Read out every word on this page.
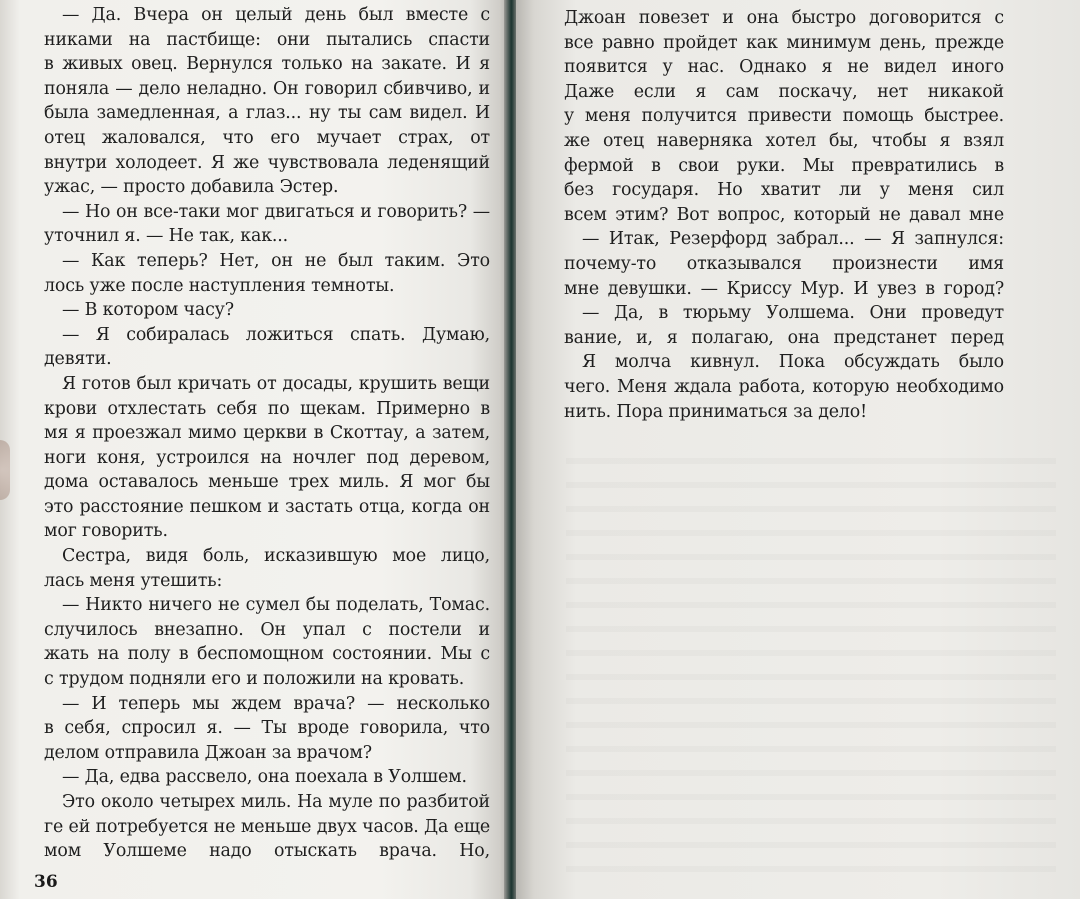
— Да. Вчера он целый день был вместе с
никами на пастбище: они пытались спасти
в живых овец. Вернулся только на закате. И я
поняла — дело неладно. Он говорил сбивчиво, и
была замедленная, а глаз... ну ты сам видел. И
отец жаловался, что его мучает страх, от
внутри холодеет. Я же чувствовала леденящий
ужас, — просто добавила Эстер.
— Но он все-таки мог двигаться и говорить? —
уточнил я. — Не так, как...
— Как теперь? Нет, он не был таким. Это
лось уже после наступления темноты.
— В котором часу?
— Я собиралась ложиться спать. Думаю,
девяти.
Я готов был кричать от досады, крушить вещи
крови отхлестать себя по щекам. Примерно в
мя я проезжал мимо церкви в Скоттау, а затем,
ноги коня, устроился на ночлег под деревом,
дома оставалось меньше трех миль. Я мог бы
это расстояние пешком и застать отца, когда он
мог говорить.
Сестра, видя боль, исказившую мое лицо,
лась меня утешить:
— Никто ничего не сумел бы поделать, Томас.
случилось внезапно. Он упал с постели и
жать на полу в беспомощном состоянии. Мы с
с трудом подняли его и положили на кровать.
— И теперь мы ждем врача? — несколько
в себя, спросил я. — Ты вроде говорила, что
делом отправила Джоан за врачом?
— Да, едва рассвело, она поехала в Уолшем.
Это около четырех миль. На муле по разбитой
ге ей потребуется не меньше двух часов. Да еще
мом Уолшеме надо отыскать врача. Но,
36
Джоан повезет и она быстро договорится с
все равно пройдет как минимум день, прежде
появится у нас. Однако я не видел иного
Даже если я сам поскачу, нет никакой
у меня получится привести помощь быстрее.
же отец наверняка хотел бы, чтобы я взял
фермой в свои руки. Мы превратились в
без государя. Но хватит ли у меня сил
всем этим? Вот вопрос, который не давал мне
— Итак, Резерфорд забрал... — Я запнулся:
почему-то отказывался произнести имя
мне девушки. — Криссу Мур. И увез в город?
— Да, в тюрьму Уолшема. Они проведут
вание, и, я полагаю, она предстанет перед
Я молча кивнул. Пока обсуждать было
чего. Меня ждала работа, которую необходимо
нить. Пора приниматься за дело!
